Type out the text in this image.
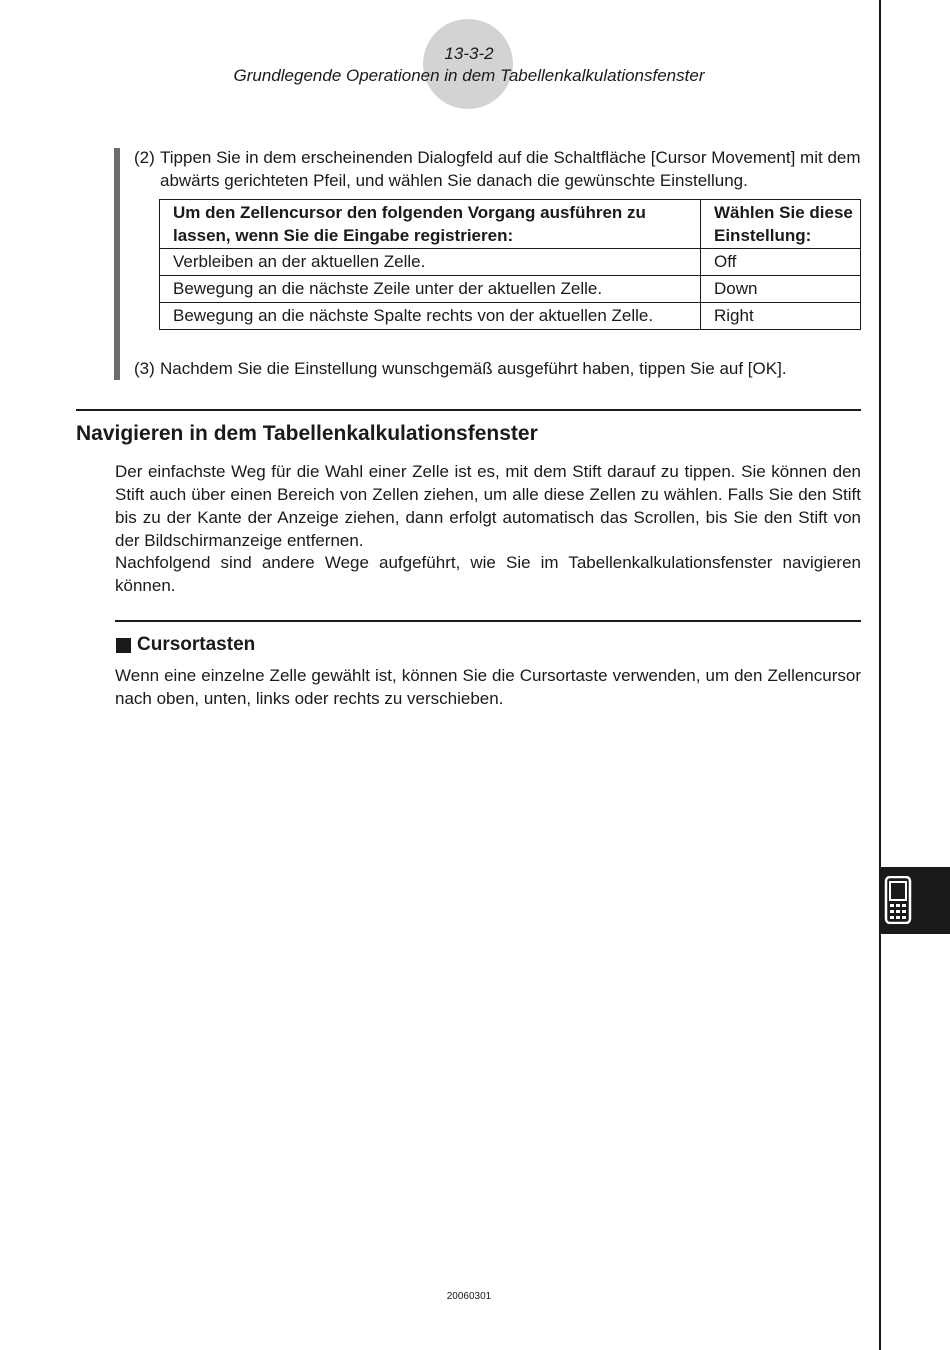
13-3-2
Grundlegende Operationen in dem Tabellenkalkulationsfenster
(2) Tippen Sie in dem erscheinenden Dialogfeld auf die Schaltfläche [Cursor Movement] mit dem abwärts gerichteten Pfeil, und wählen Sie danach die gewünschte Einstellung.
Um den Zellencursor den folgenden Vorgang ausführen zu lassen, wenn Sie die Eingabe registrieren:	Wählen Sie diese Einstellung:
Verbleiben an der aktuellen Zelle.	Off
Bewegung an die nächste Zeile unter der aktuellen Zelle.	Down
Bewegung an die nächste Spalte rechts von der aktuellen Zelle.	Right
(3) Nachdem Sie die Einstellung wunschgemäß ausgeführt haben, tippen Sie auf [OK].
Navigieren in dem Tabellenkalkulationsfenster
Der einfachste Weg für die Wahl einer Zelle ist es, mit dem Stift darauf zu tippen. Sie können den Stift auch über einen Bereich von Zellen ziehen, um alle diese Zellen zu wählen. Falls Sie den Stift bis zu der Kante der Anzeige ziehen, dann erfolgt automatisch das Scrollen, bis Sie den Stift von der Bildschirmanzeige entfernen.
Nachfolgend sind andere Wege aufgeführt, wie Sie im Tabellenkalkulationsfenster navigieren können.
Cursortasten
Wenn eine einzelne Zelle gewählt ist, können Sie die Cursortaste verwenden, um den Zellencursor nach oben, unten, links oder rechts zu verschieben.
20060301
